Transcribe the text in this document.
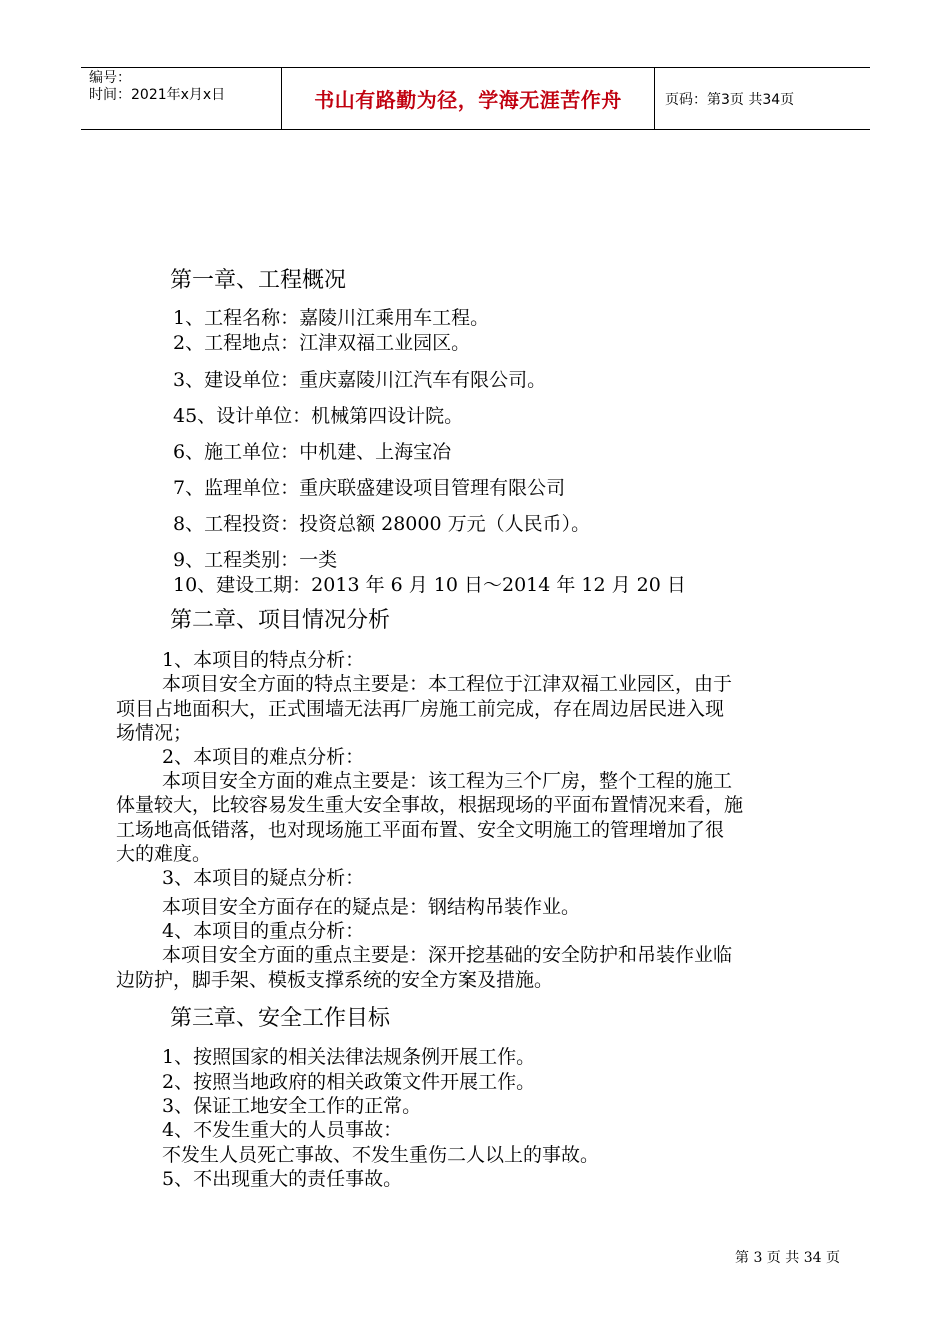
编号：
时间：2021年x月x日	书山有路勤为径，学海无涯苦作舟	页码：第3页 共34页
第一章、工程概况
1、工程名称：嘉陵川江乘用车工程。
2、工程地点：江津双福工业园区。
3、建设单位：重庆嘉陵川江汽车有限公司。
45、设计单位：机械第四设计院。
6、施工单位：中机建、上海宝冶
7、监理单位：重庆联盛建设项目管理有限公司
8、工程投资：投资总额 28000 万元（人民币）。
9、工程类别：一类
10、建设工期：2013 年 6 月 10 日～2014 年 12 月 20 日
第二章、项目情况分析
1、本项目的特点分析：
本项目安全方面的特点主要是：本工程位于江津双福工业园区，由于
项目占地面积大，正式围墙无法再厂房施工前完成，存在周边居民进入现
场情况；
2、本项目的难点分析：
本项目安全方面的难点主要是：该工程为三个厂房，整个工程的施工
体量较大，比较容易发生重大安全事故，根据现场的平面布置情况来看，施
工场地高低错落，也对现场施工平面布置、安全文明施工的管理增加了很
大的难度。
3、本项目的疑点分析：
本项目安全方面存在的疑点是：钢结构吊装作业。
4、本项目的重点分析：
本项目安全方面的重点主要是：深开挖基础的安全防护和吊装作业临
边防护，脚手架、模板支撑系统的安全方案及措施。
第三章、安全工作目标
1、按照国家的相关法律法规条例开展工作。
2、按照当地政府的相关政策文件开展工作。
3、保证工地安全工作的正常。
4、不发生重大的人员事故：
不发生人员死亡事故、不发生重伤二人以上的事故。
5、不出现重大的责任事故。
第 3 页 共 34 页
